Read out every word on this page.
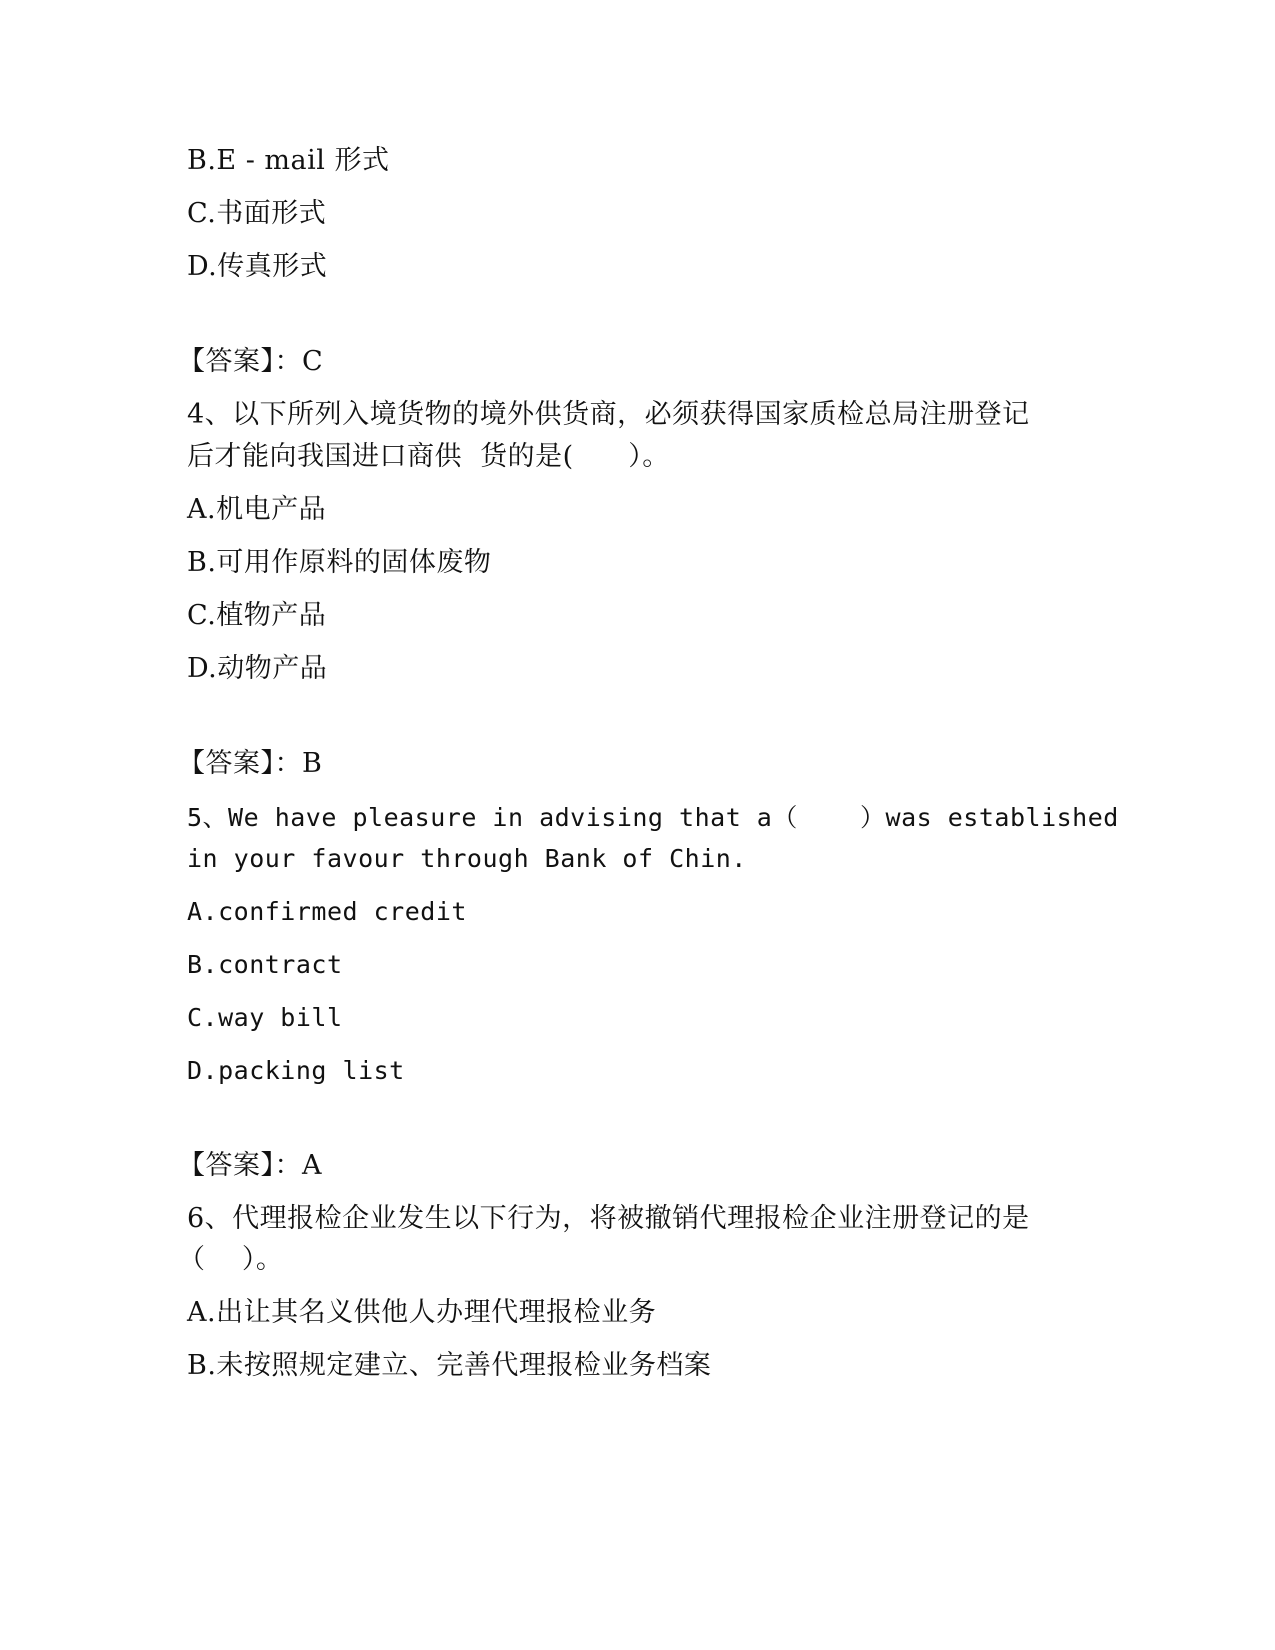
B.E - mail 形式
C.书面形式
D.传真形式
【答案】：C
4、以下所列入境货物的境外供货商，必须获得国家质检总局注册登记
后才能向我国进口商供  货的是(      ）。
A.机电产品
B.可用作原料的固体废物
C.植物产品
D.动物产品
【答案】：B
5、We have pleasure in advising that a（    ）was established
in your favour through Bank of Chin.
A.confirmed credit
B.contract
C.way bill
D.packing list
【答案】：A
6、代理报检企业发生以下行为，将被撤销代理报检企业注册登记的是
（    ）。
A.出让其名义供他人办理代理报检业务
B.未按照规定建立、完善代理报检业务档案
